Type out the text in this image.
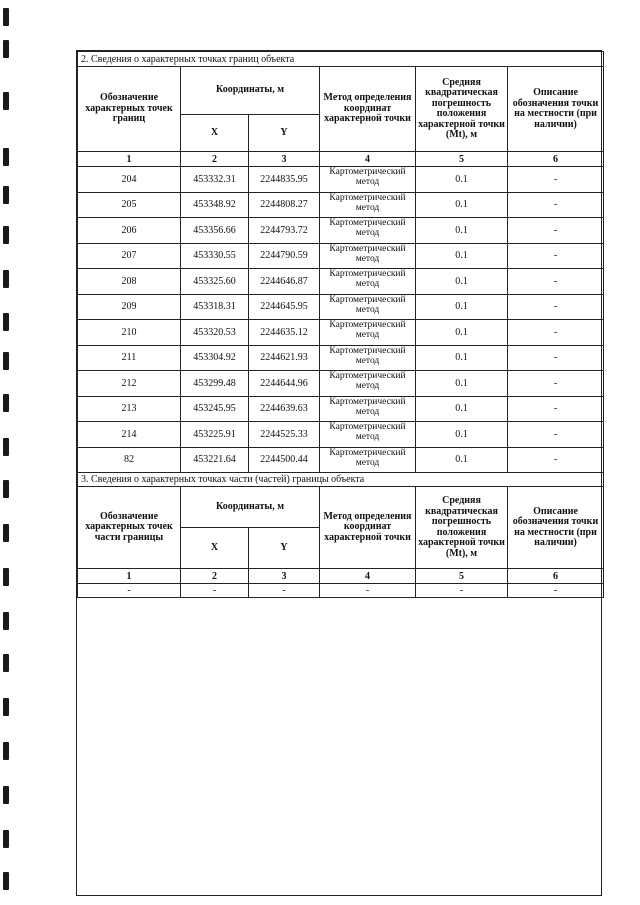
2. Сведения о характерных точках границ объекта					
Обозначение характерных точек границ	Координаты, м		Метод определения координат характерной точки	Средняя квадратическая погрешность положения характерной точки (Mt), м	Описание обозначения точки на местности (при наличии)
	X	Y			
1	2	3	4	5	6
204	453332.31	2244835.95	Картометрический метод	0.1	-
205	453348.92	2244808.27	Картометрический метод	0.1	-
206	453356.66	2244793.72	Картометрический метод	0.1	-
207	453330.55	2244790.59	Картометрический метод	0.1	-
208	453325.60	2244646.87	Картометрический метод	0.1	-
209	453318.31	2244645.95	Картометрический метод	0.1	-
210	453320.53	2244635.12	Картометрический метод	0.1	-
211	453304.92	2244621.93	Картометрический метод	0.1	-
212	453299.48	2244644.96	Картометрический метод	0.1	-
213	453245.95	2244639.63	Картометрический метод	0.1	-
214	453225.91	2244525.33	Картометрический метод	0.1	-
82	453221.64	2244500.44	Картометрический метод	0.1	-
3. Сведения о характерных точках части (частей) границы объекта					
Обозначение характерных точек части границы	Координаты, м		Метод определения координат характерной точки	Средняя квадратическая погрешность положения характерной точки (Mt), м	Описание обозначения точки на местности (при наличии)
	X	Y			
1	2	3	4	5	6
-	-	-	-	-	-
